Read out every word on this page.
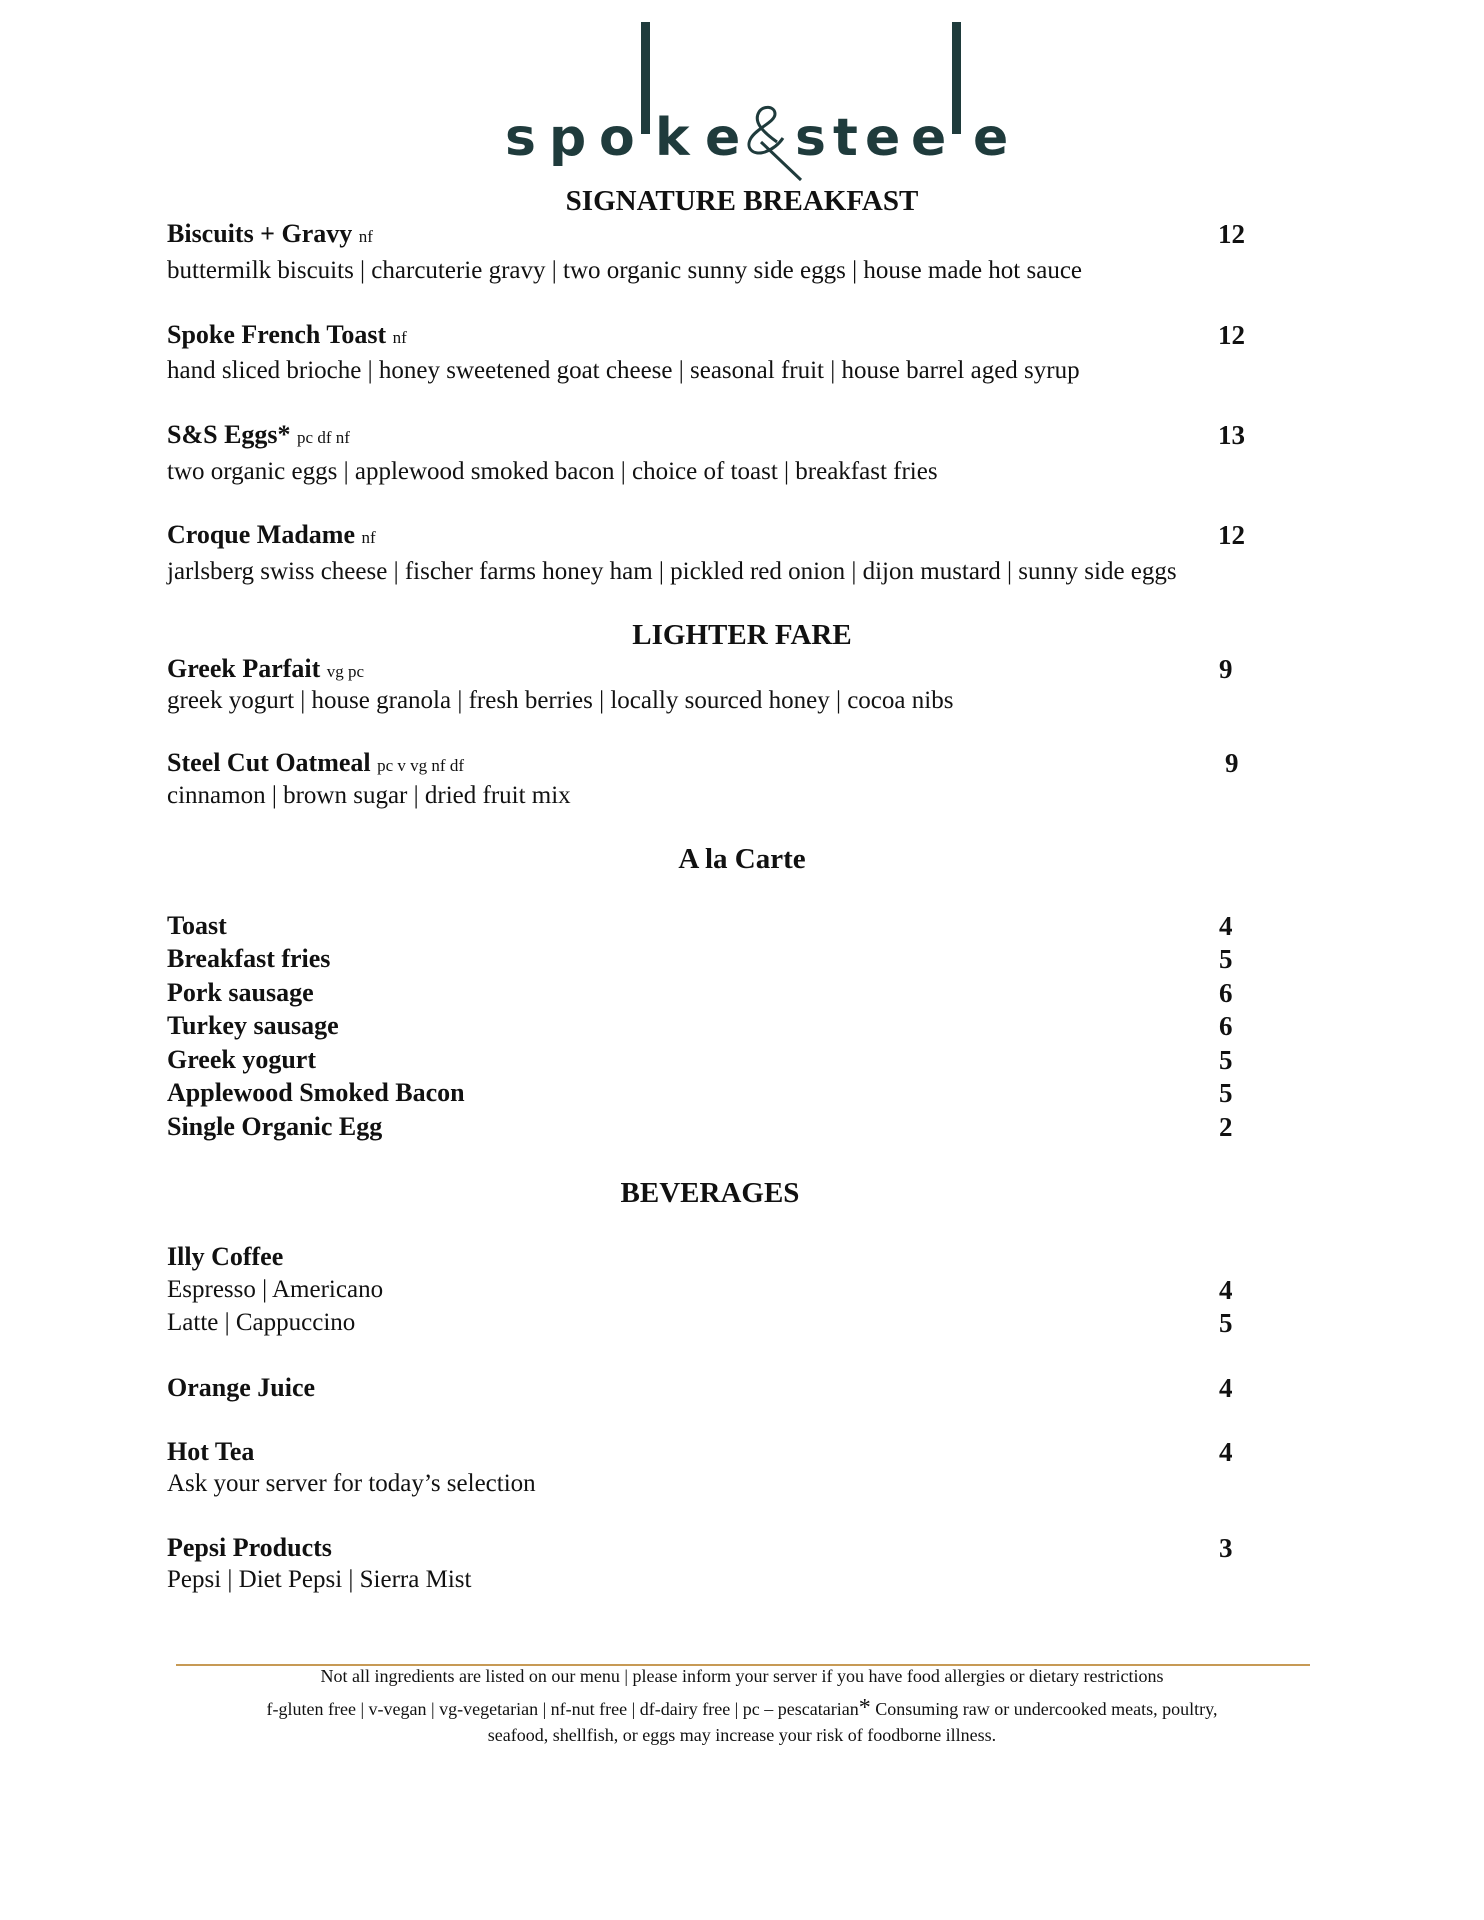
s p o k e s t e e e
SIGNATURE BREAKFAST
Biscuits + Gravy nf	12
buttermilk biscuits | charcuterie gravy | two organic sunny side eggs | house made hot sauce
Spoke French Toast nf	12
hand sliced brioche | honey sweetened goat cheese | seasonal fruit | house barrel aged syrup
S&S Eggs* pc df nf	13
two organic eggs | applewood smoked bacon | choice of toast | breakfast fries
Croque Madame nf	12
jarlsberg swiss cheese | fischer farms honey ham | pickled red onion | dijon mustard | sunny side eggs
LIGHTER FARE
Greek Parfait vg pc	9
greek yogurt | house granola | fresh berries | locally sourced honey | cocoa nibs
Steel Cut Oatmeal pc v vg nf df	9
cinnamon | brown sugar | dried fruit mix
A la Carte
Toast	4
Breakfast fries	5
Pork sausage	6
Turkey sausage	6
Greek yogurt	5
Applewood Smoked Bacon	5
Single Organic Egg	2
BEVERAGES
Illy Coffee
Espresso | Americano	4
Latte | Cappuccino	5
Orange Juice	4
Hot Tea	4
Ask your server for today’s selection
Pepsi Products	3
Pepsi | Diet Pepsi | Sierra Mist
Not all ingredients are listed on our menu | please inform your server if you have food allergies or dietary restrictions
f-gluten free | v-vegan | vg-vegetarian | nf-nut free | df-dairy free | pc – pescatarian* Consuming raw or undercooked meats, poultry,
seafood, shellfish, or eggs may increase your risk of foodborne illness.
